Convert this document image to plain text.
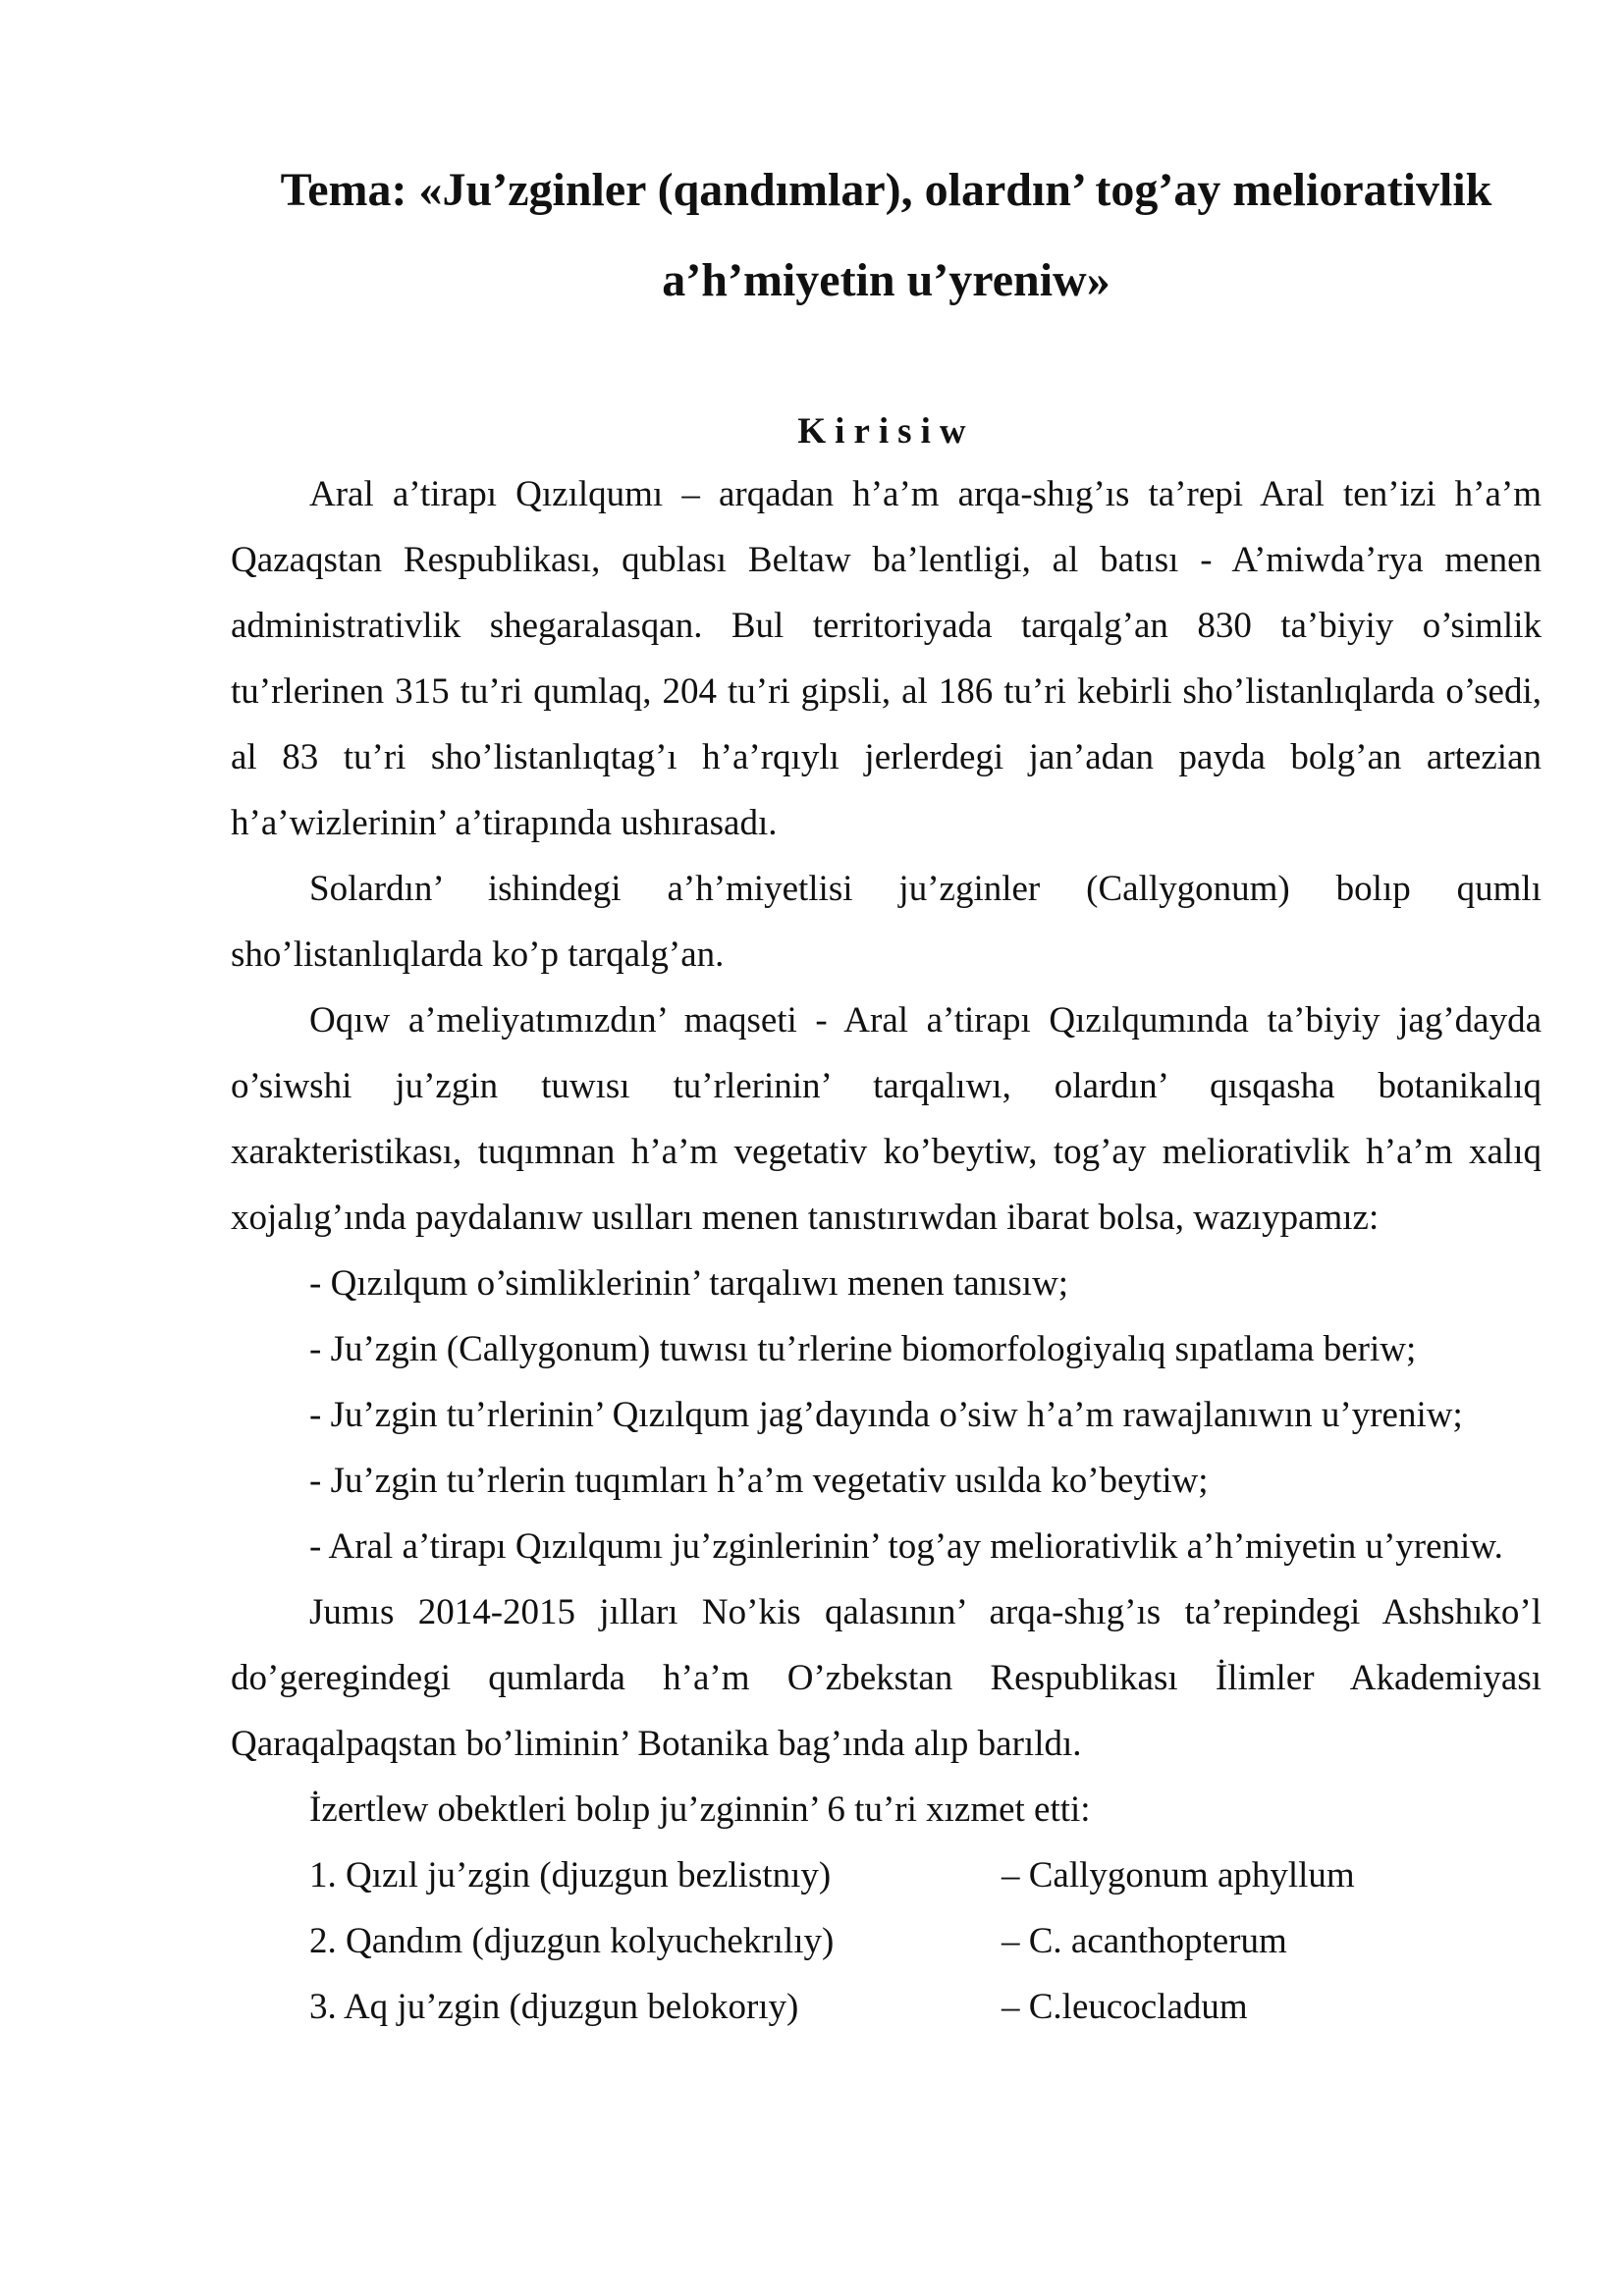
Tema: «Ju’zginler (qandımlar), olardın’ tog’ay meliorativlik
a’h’miyetin u’yreniw»
Kirisiw

Aral a’tirapı Qızılqumı – arqadan h’a’m arqa-shıg’ıs ta’repi Aral ten’izi h’a’m Qazaqstan Respublikası, qublası Beltaw ba’lentligi, al batısı - A’miwda’rya menen administrativlik shegaralasqan. Bul territoriyada tarqalg’an 830 ta’biyiy o’simlik tu’rlerinen 315 tu’ri qumlaq, 204 tu’ri gipsli, al 186 tu’ri kebirli sho’listanlıqlarda o’sedi, al 83 tu’ri sho’listanlıqtag’ı h’a’rqıylı jerlerdegi jan’adan payda bolg’an artezian h’a’wizlerinin’ a’tirapında ushırasadı.

Solardın’ ishindegi a’h’miyetlisi ju’zginler (Callygonum) bolıp qumlı sho’listanlıqlarda ko’p tarqalg’an.

Oqıw a’meliyatımızdın’ maqseti - Aral a’tirapı Qızılqumında ta’biyiy jag’dayda o’siwshi ju’zgin tuwısı tu’rlerinin’ tarqalıwı, olardın’ qısqasha botanikalıq xarakteristikası, tuqımnan h’a’m vegetativ ko’beytiw, tog’ay meliorativlik h’a’m xalıq xojalıg’ında paydalanıw usılları menen tanıstırıwdan ibarat bolsa, wazıypamız:

- Qızılqum o’simliklerinin’ tarqalıwı menen tanısıw;

- Ju’zgin (Callygonum) tuwısı tu’rlerine biomorfologiyalıq sıpatlama beriw;

- Ju’zgin tu’rlerinin’ Qızılqum jag’dayında o’siw h’a’m rawajlanıwın u’yreniw;

- Ju’zgin tu’rlerin tuqımları h’a’m vegetativ usılda ko’beytiw;

- Aral a’tirapı Qızılqumı ju’zginlerinin’ tog’ay meliorativlik a’h’miyetin u’yreniw.

Jumıs 2014-2015 jılları No’kis qalasının’ arqa-shıg’ıs ta’repindegi Ashshıko’l do’geregindegi qumlarda h’a’m O’zbekstan Respublikası İlimler Akademiyası Qaraqalpaqstan bo’liminin’ Botanika bag’ında alıp barıldı.

İzertlew obektleri bolıp ju’zginnin’ 6 tu’ri xızmet etti:

1. Qızıl ju’zgin (djuzgun bezlistnıy)	– Callygonum aphyllum
2. Qandım (djuzgun kolyuchekrılıy)	– C. acanthopterum
3. Aq ju’zgin (djuzgun belokorıy)	– C.leucocladum
